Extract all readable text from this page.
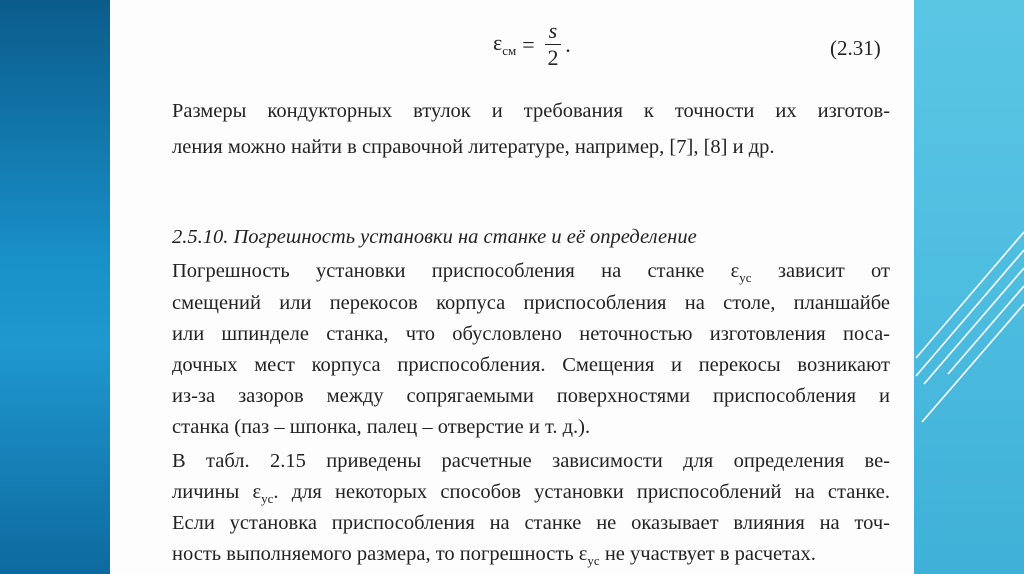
$\varepsilon_{см} = \frac{s}{2}$ .	(2.31)
Размеры кондукторных втулок и требования к точности их изготов-
ления можно найти в справочной литературе, например, [7], [8] и др.
2.5.10. Погрешность установки на станке и её определение
Погрешность установки приспособления на станке $\varepsilon_{ус}$ зависит от
смещений или перекосов корпуса приспособления на столе, планшайбе
или шпинделе станка, что обусловлено неточностью изготовления поса-
дочных мест корпуса приспособления. Смещения и перекосы возникают
из-за зазоров между сопрягаемыми поверхностями приспособления и
станка (паз – шпонка, палец – отверстие и т. д.).
В табл. 2.15 приведены расчетные зависимости для определения ве-
личины $\varepsilon_{ус}$. для некоторых способов установки приспособлений на станке.
Если установка приспособления на станке не оказывает влияния на точ-
ность выполняемого размера, то погрешность $\varepsilon_{ус}$ не участвует в расчетах.
